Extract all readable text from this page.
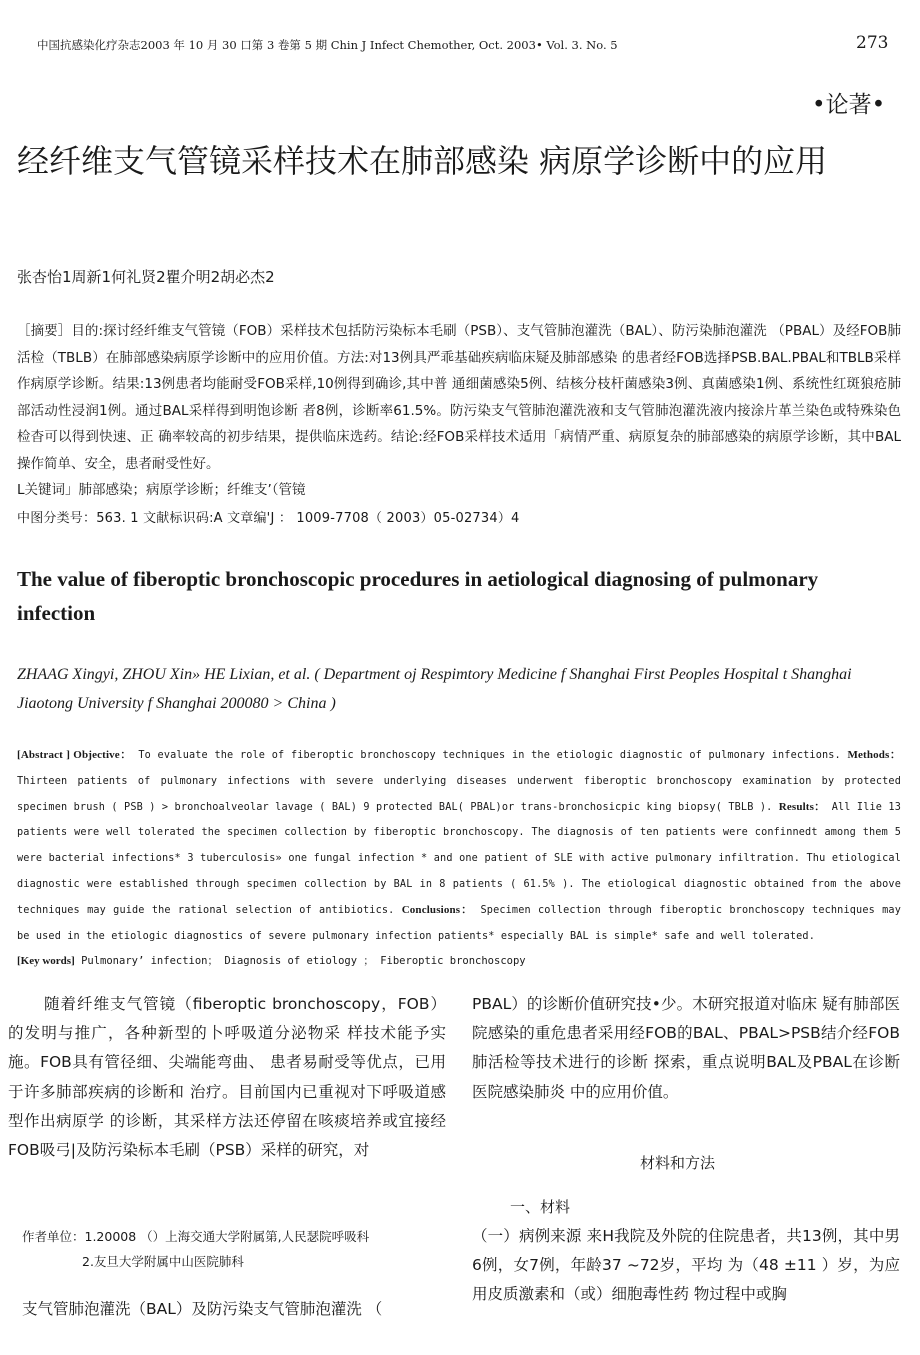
中国抗感染化疗杂志2003 年 10 月 30 口第 3 卷第 5 期 Chin J Infect Chemother, Oct. 2003• Vol. 3. No. 5	273
•论著•
经纤维支气管镜采样技术在肺部感染 病原学诊断中的应用
张杏怡1周新1何礼贤2瞿介明2胡必杰2
［摘要］目的:探讨经纤维支气管镜（FOB）采样技术包括防污染标本毛刷（PSB）、支气管肺泡灌洗（BAL）、防污染肺泡灌洗 （PBAL）及经FOB肺活检（TBLB）在肺部感染病原学诊断中的应用价值。方法:对13例具严乖基础疾病临床疑及肺部感染 的患者经FOB选择PSB.BAL.PBAL和TBLB采样作病原学诊断。结果:13例患者均能耐受FOB采样,10例得到确诊,其中普 通细菌感染5例、结核分枝杆菌感染3例、真菌感染1例、系统性红斑狼疮肺部活动性浸润1例。通过BAL采样得到明饱诊断 者8例，诊断率61.5%。防污染支气管肺泡灌洗液和支气管肺泡灌洗液内接涂片革兰染色或特殊染色检杳可以得到快速、正 确率较高的初步结果，提供临床选药。结论:经FOB采样技术适用「病情严重、病原复杂的肺部感染的病原学诊断，其中BAL 操作简单、安全，患者耐受性好。
L关键词」肺部感染；病原学诊断；纤维支’（管镜
中图分类号：563. 1 文献标识码:A 文章编'J ： 1009-7708（ 2003）05-02734）4
The value of fiberoptic bronchoscopic procedures in aetiological diagnosing of pulmonary infection
ZHAAG Xingyi, ZHOU Xin» HE Lixian, et al. ( Department oj Respimtory Medicine f Shanghai First Peoples Hospital t Shanghai Jiaotong University f Shanghai 200080 > China )
[Abstract ] Objective： To evaluate the role of fiberoptic bronchoscopy techniques in the etiologic diagnostic of pulmonary infections. Methods： Thirteen patients of pulmonary infections with severe underlying diseases underwent fiberoptic bronchoscopy examination by protected specimen brush ( PSB ) > bronchoalveolar lavage ( BAL) 9 protected BAL( PBAL)or trans-bronchosicpic king biopsy( TBLB ). Results： All Ilie 13 patients were well tolerated the specimen collection by fiberoptic bronchoscopy. The diagnosis of ten patients were confinnedt among them 5 were bacterial infections* 3 tuberculosis» one fungal infection * and one patient of SLE with active pulmonary infiltration. Thu etiological diagnostic were established through specimen collection by BAL in 8 patients ( 61.5% ). The etiological diagnostic obtained from the above techniques may guide the rational selection of antibiotics. Conclusions： Specimen collection through fiberoptic bronchoscopy techniques may be used in the etiologic diagnostics of severe pulmonary infection patients* especially BAL is simple* safe and well tolerated.
[Key words] Pulmonary’ infection； Diagnosis of etiology ； Fiberoptic bronchoscopy
随着纤维支气管镜（fiberoptic bronchoscopy，FOB）的发明与推广，各种新型的卜呼吸道分泌物采 样技术能予实施。FOB具有管径细、尖端能弯曲、 患者易耐受等优点，已用于许多肺部疾病的诊断和 治疗。目前国内已重视对下呼吸道感型作出病原学 的诊断，其采样方法还停留在咳痰培养或宜接经 FOB吸弓|及防污染标本毛刷（PSB）采样的研究，对
PBAL）的诊断价值研究技•少。木研究报道对临床 疑有肺部医院感染的重危患者采用经FOB的BAL、PBAL>PSB结介经FOB肺活检等技术进行的诊断 探索，重点说明BAL及PBAL在诊断医院感染肺炎 中的应用价值。
材料和方法
一、材料
（一）病例来源 来H我院及外院的住院患者，共13例，其中男6例，女7例，年龄37 ~72岁，平均 为（48 ±11 ）岁，为应用皮质激素和（或）细胞毒性药 物过程中或胸
作者单位：1.20008 （）上海交通大学附属第,人民瑟院呼吸科
2.友旦大学附属中山医院肺科
支气管肺泡灌洗（BAL）及防污染支气管肺泡灌洗 （
